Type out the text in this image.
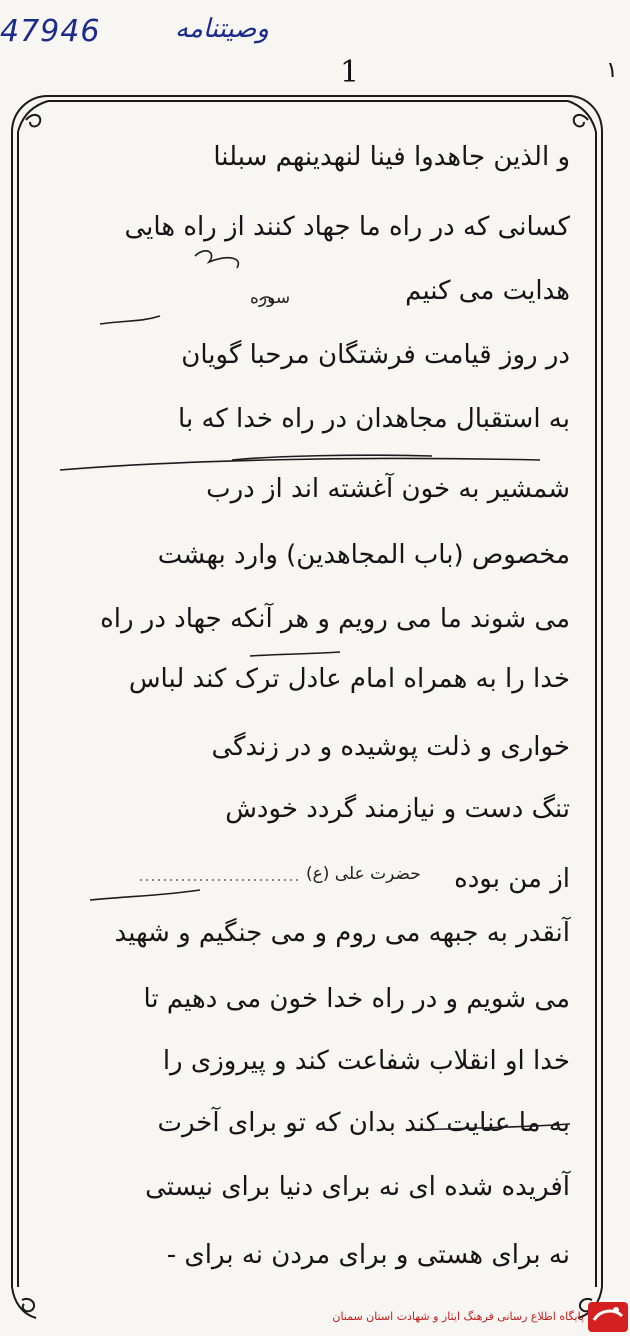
47946	وصیتنامه
1	۱
و الذین جاهدوا فینا لنهدینهم سبلنا
کسانی که در راه ما جهاد کنند از راه هایی
هدایت می کنیم
در روز قیامت فرشتگان مرحبا گویان
به استقبال مجاهدان در راه خدا که با
شمشیر به خون آغشته اند از درب
مخصوص (باب المجاهدین) وارد بهشت
می شوند ما می رویم و هر آنکه جهاد در راه
خدا را به همراه امام عادل ترک کند لباس
خواری و ذلت پوشیده و در زندگی
تنگ دست و نیازمند گردد خودش
از من بوده
آنقدر به جبهه می روم و می جنگیم و شهید
می شویم و در راه خدا خون می دهیم تا
خدا او انقلاب شفاعت کند و پیروزی را
به ما عنایت کند بدان که تو برای آخرت
آفریده شده ای نه برای دنیا برای نیستی
نه برای هستی و برای مردن نه برای -
حضرت علی (ع)
سوره
پایگاه اطلاع رسانی فرهنگ ایثار و شهادت استان سمنان
